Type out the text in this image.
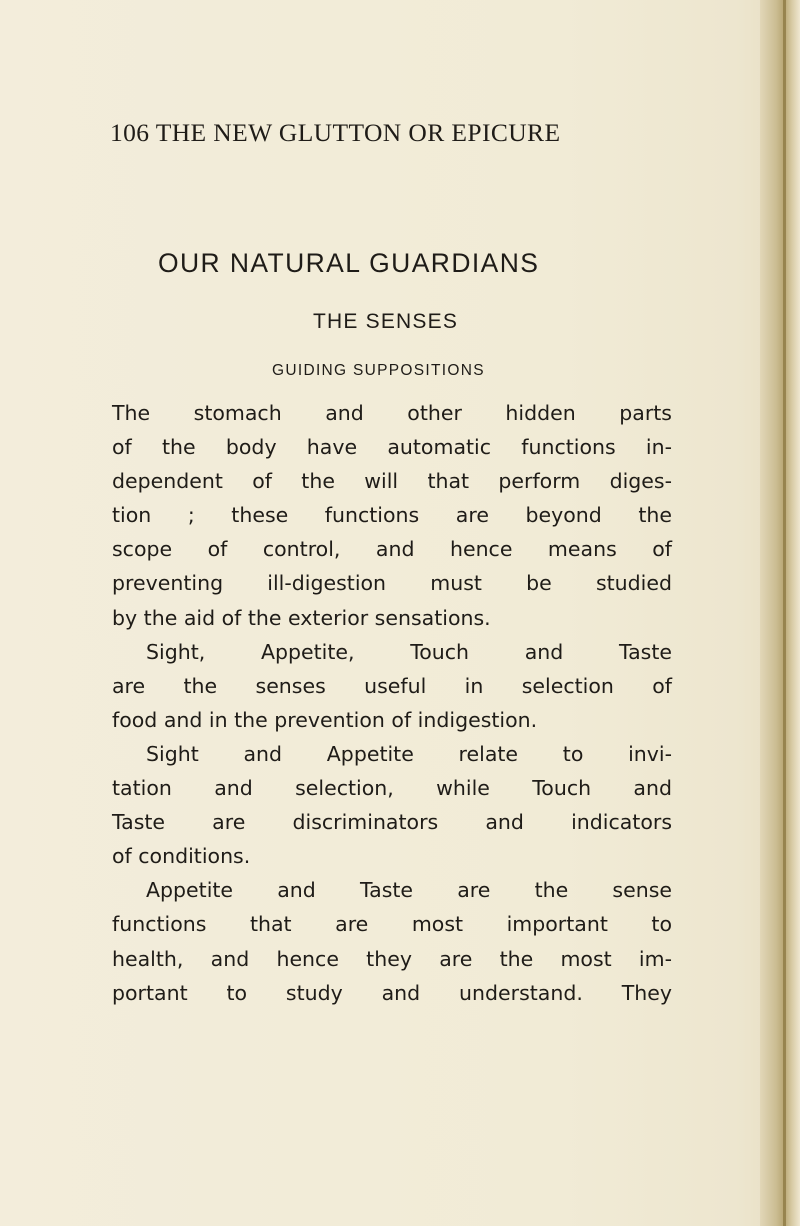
106 THE NEW GLUTTON OR EPICURE
OUR NATURAL GUARDIANS
THE SENSES
GUIDING SUPPOSITIONS
The stomach and other hidden parts
of the body have automatic functions in-
dependent of the will that perform diges-
tion ; these functions are beyond the
scope of control, and hence means of
preventing ill-digestion must be studied
by the aid of the exterior sensations.
Sight, Appetite, Touch and Taste
are the senses useful in selection of
food and in the prevention of indigestion.
Sight and Appetite relate to invi-
tation and selection, while Touch and
Taste are discriminators and indicators
of conditions.
Appetite and Taste are the sense
functions that are most important to
health, and hence they are the most im-
portant to study and understand. They
